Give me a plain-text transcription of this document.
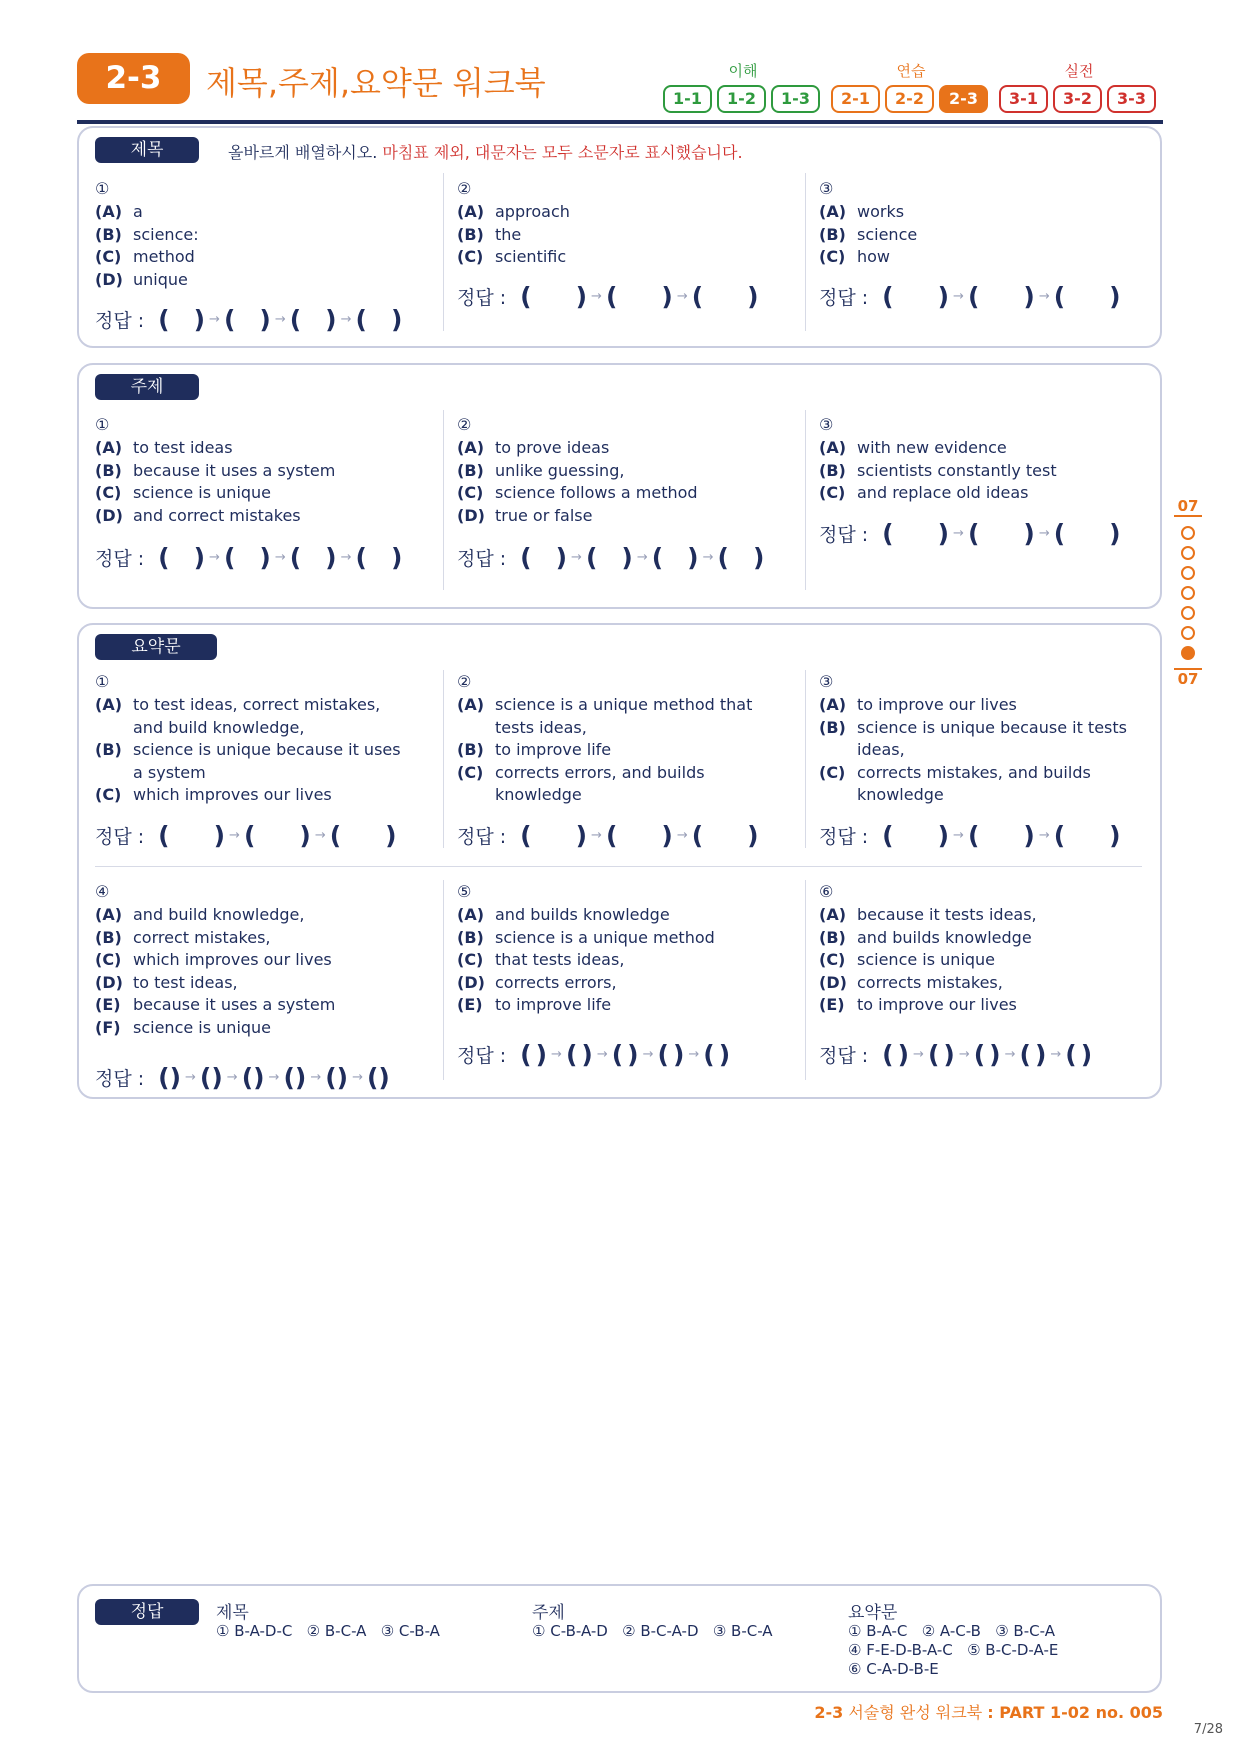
2-3	제목,주제,요약문 워크북	이해	연습	실전
1-1	1-2	1-3	2-1	2-2	2-3	3-1	3-2	3-3
제목	올바르게 배열하시오. 마침표 제외, 대문자는 모두 소문자로 표시했습니다.
①
(A) a
(B) science:
(C) method
(D) unique
정답 : ( ) → ( ) → ( ) → ( )
②
(A) approach
(B) the
(C) scientific
정답 : ( ) → ( ) → ( )
③
(A) works
(B) science
(C) how
정답 : ( ) → ( ) → ( )
주제
①
(A) to test ideas
(B) because it uses a system
(C) science is unique
(D) and correct mistakes
정답 : ( ) → ( ) → ( ) → ( )
②
(A) to prove ideas
(B) unlike guessing,
(C) science follows a method
(D) true or false
정답 : ( ) → ( ) → ( ) → ( )
③
(A) with new evidence
(B) scientists constantly test
(C) and replace old ideas
정답 : ( ) → ( ) → ( )
요약문
①
(A) to test ideas, correct mistakes, and build knowledge,
(B) science is unique because it uses a system
(C) which improves our lives
정답 : ( ) → ( ) → ( )
②
(A) science is a unique method that tests ideas,
(B) to improve life
(C) corrects errors, and builds knowledge
정답 : ( ) → ( ) → ( )
③
(A) to improve our lives
(B) science is unique because it tests ideas,
(C) corrects mistakes, and builds knowledge
정답 : ( ) → ( ) → ( )
④
(A) and build knowledge,
(B) correct mistakes,
(C) which improves our lives
(D) to test ideas,
(E) because it uses a system
(F) science is unique
정답 : () → () → () → () → () → ()
⑤
(A) and builds knowledge
(B) science is a unique method
(C) that tests ideas,
(D) corrects errors,
(E) to improve life
정답 : ( ) → ( ) → ( ) → ( ) → ( )
⑥
(A) because it tests ideas,
(B) and builds knowledge
(C) science is unique
(D) corrects mistakes,
(E) to improve our lives
정답 : ( ) → ( ) → ( ) → ( ) → ( )
07
07
정답	제목
① B-A-D-C   ② B-C-A   ③ C-B-A
주제
① C-B-A-D   ② B-C-A-D   ③ B-C-A
요약문
① B-A-C   ② A-C-B   ③ B-C-A
④ F-E-D-B-A-C   ⑤ B-C-D-A-E
⑥ C-A-D-B-E
2-3 서술형 완성 워크북 : PART 1-02 no. 005
7/28
